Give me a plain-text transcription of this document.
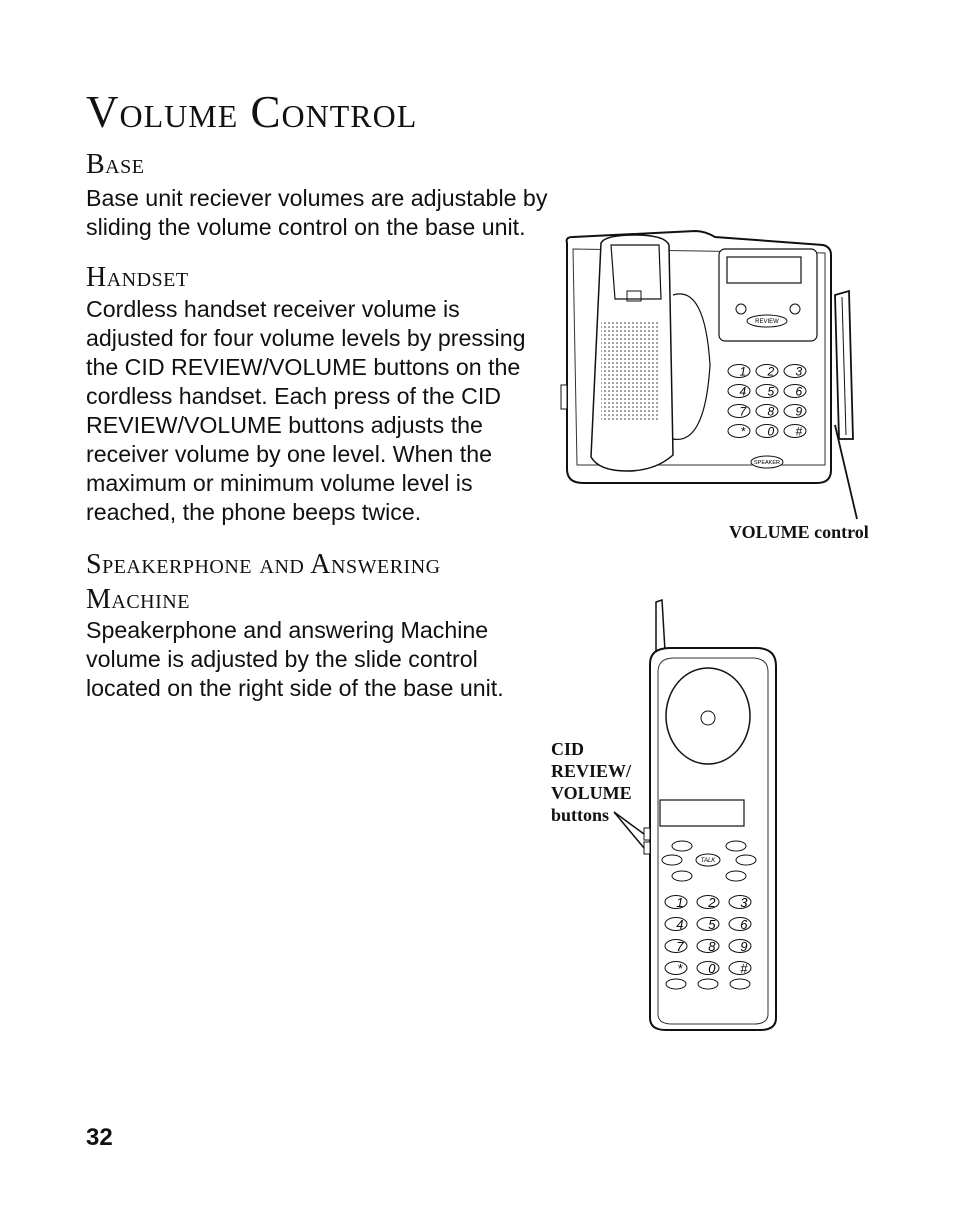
Volume Control
Base
Base unit reciever volumes are adjustable by
sliding the volume control on the base unit.
Handset
Cordless handset receiver volume is
adjusted for four volume levels by pressing
the CID REVIEW/VOLUME buttons on the
cordless handset. Each press of the CID
REVIEW/VOLUME buttons adjusts the
receiver volume by one level. When the
maximum or minimum volume level is
reached, the phone beeps twice.
Speakerphone and Answering
Machine
Speakerphone and answering Machine
volume is adjusted by the slide control
located on the right side of the base unit.
REVIEW
1 2 3
4 5 6
7 8 9
* 0 #
SPEAKER
VOLUME control
TALK
1 2 3
4 5 6
7 8 9
* 0 #
CID
REVIEW/
VOLUME
buttons
32
